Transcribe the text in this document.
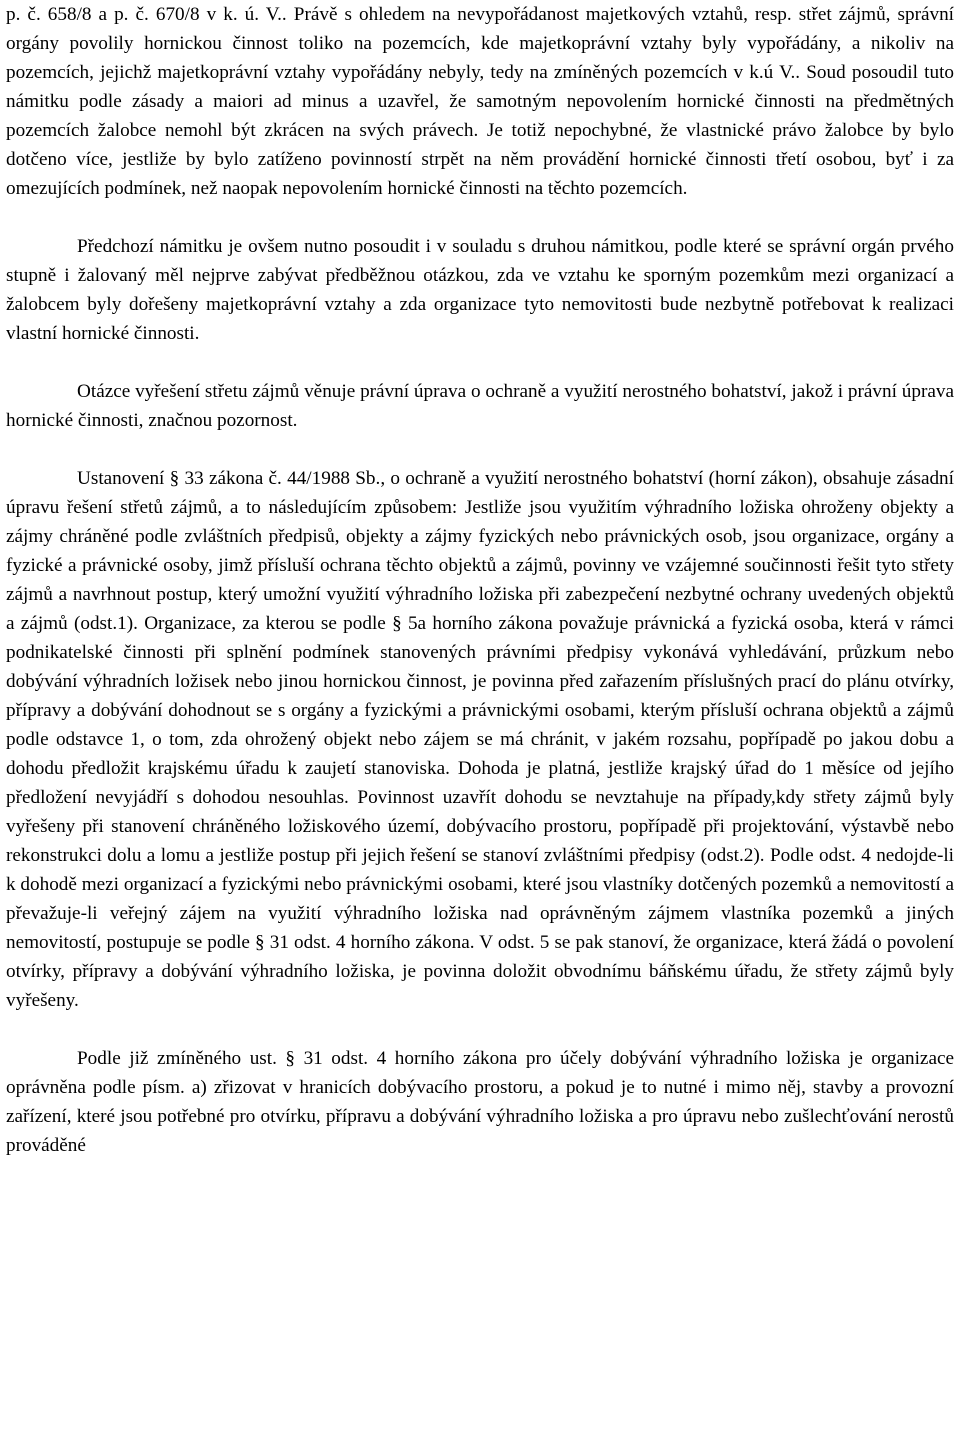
p. č. 658/8 a p. č. 670/8 v k. ú. V.. Právě s ohledem na nevypořádanost majetkových vztahů, resp. střet zájmů, správní orgány povolily hornickou činnost toliko na pozemcích, kde majetkoprávní vztahy byly vypořádány, a nikoliv na pozemcích, jejichž majetkoprávní vztahy vypořádány nebyly, tedy na zmíněných pozemcích v k.ú V.. Soud posoudil tuto námitku podle zásady a maiori ad minus a uzavřel, že samotným nepovolením hornické činnosti na předmětných pozemcích žalobce nemohl být zkrácen na svých právech. Je totiž nepochybné, že vlastnické právo žalobce by bylo dotčeno více, jestliže by bylo zatíženo povinností strpět na něm provádění hornické činnosti třetí osobou, byť i za omezujících podmínek, než naopak nepovolením hornické činnosti na těchto pozemcích.

Předchozí námitku je ovšem nutno posoudit i v souladu s druhou námitkou, podle které se správní orgán prvého stupně i žalovaný měl nejprve zabývat předběžnou otázkou, zda ve vztahu ke sporným pozemkům mezi organizací a žalobcem byly dořešeny majetkoprávní vztahy a zda organizace tyto nemovitosti bude nezbytně potřebovat k realizaci vlastní hornické činnosti.

Otázce vyřešení střetu zájmů věnuje právní úprava o ochraně a využití nerostného bohatství, jakož i právní úprava hornické činnosti, značnou pozornost.

Ustanovení § 33 zákona č. 44/1988 Sb., o ochraně a využití nerostného bohatství (horní zákon), obsahuje zásadní úpravu řešení střetů zájmů, a to následujícím způsobem: Jestliže jsou využitím výhradního ložiska ohroženy objekty a zájmy chráněné podle zvláštních předpisů, objekty a zájmy fyzických nebo právnických osob, jsou organizace, orgány a fyzické a právnické osoby, jimž přísluší ochrana těchto objektů a zájmů, povinny ve vzájemné součinnosti řešit tyto střety zájmů a navrhnout postup, který umožní využití výhradního ložiska při zabezpečení nezbytné ochrany uvedených objektů a zájmů (odst.1). Organizace, za kterou se podle § 5a horního zákona považuje právnická a fyzická osoba, která v rámci podnikatelské činnosti při splnění podmínek stanovených právními předpisy vykonává vyhledávání, průzkum nebo dobývání výhradních ložisek nebo jinou hornickou činnost, je povinna před zařazením příslušných prací do plánu otvírky, přípravy a dobývání dohodnout se s orgány a fyzickými a právnickými osobami, kterým přísluší ochrana objektů a zájmů podle odstavce 1, o tom, zda ohrožený objekt nebo zájem se má chránit, v jakém rozsahu, popřípadě po jakou dobu a dohodu předložit krajskému úřadu k zaujetí stanoviska. Dohoda je platná, jestliže krajský úřad do 1 měsíce od jejího předložení nevyjádří s dohodou nesouhlas. Povinnost uzavřít dohodu se nevztahuje na případy,kdy střety zájmů byly vyřešeny při stanovení chráněného ložiskového území, dobývacího prostoru, popřípadě při projektování, výstavbě nebo rekonstrukci dolu a lomu a jestliže postup při jejich řešení se stanoví zvláštními předpisy (odst.2). Podle odst. 4 nedojde-li k dohodě mezi organizací a fyzickými nebo právnickými osobami, které jsou vlastníky dotčených pozemků a nemovitostí a převažuje-li veřejný zájem na využití výhradního ložiska nad oprávněným zájmem vlastníka pozemků a jiných nemovitostí, postupuje se podle § 31 odst. 4 horního zákona. V odst. 5 se pak stanoví, že organizace, která žádá o povolení otvírky, přípravy a dobývání výhradního ložiska, je povinna doložit obvodnímu báňskému úřadu, že střety zájmů byly vyřešeny.

Podle již zmíněného ust. § 31 odst. 4 horního zákona pro účely dobývání výhradního ložiska je organizace oprávněna podle písm. a) zřizovat v hranicích dobývacího prostoru, a pokud je to nutné i mimo něj, stavby a provozní zařízení, které jsou potřebné pro otvírku, přípravu a dobývání výhradního ložiska a pro úpravu nebo zušlechťování nerostů prováděné
